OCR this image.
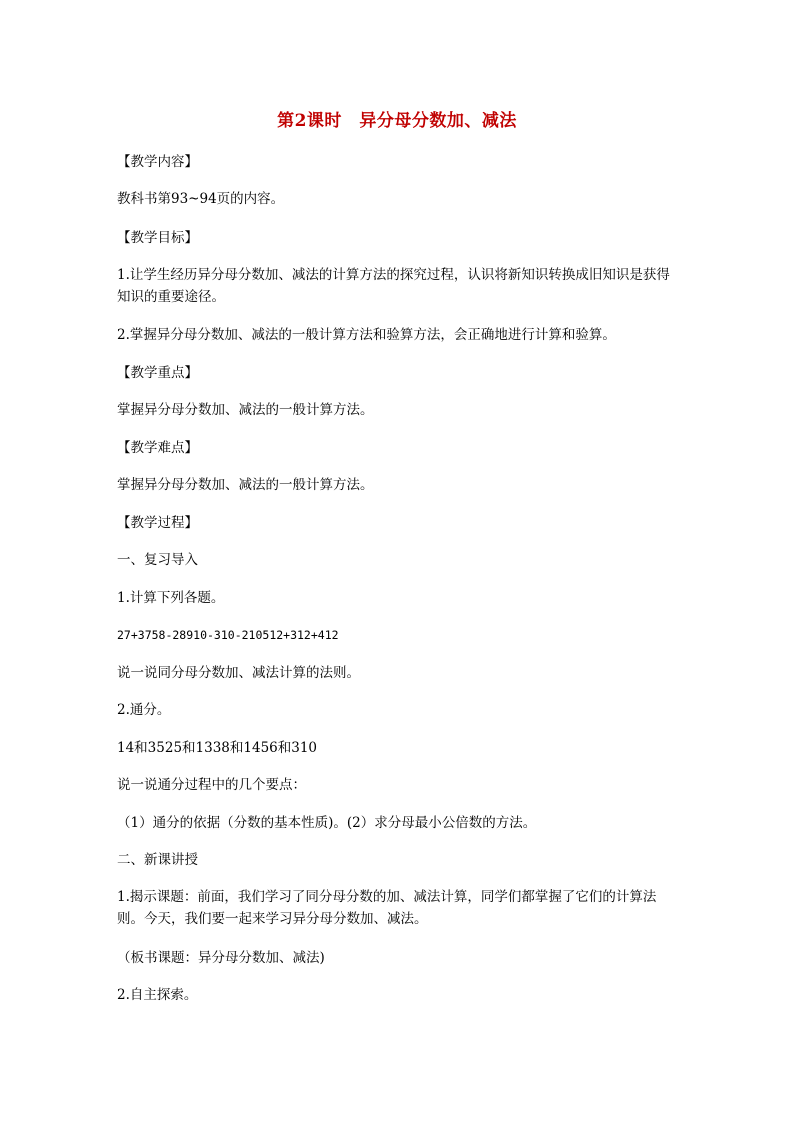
第2课时　异分母分数加、减法
【教学内容】
教科书第93~94页的内容。
【教学目标】
1.让学生经历异分母分数加、减法的计算方法的探究过程，认识将新知识转换成旧知识是获得知识的重要途径。
2.掌握异分母分数加、减法的一般计算方法和验算方法，会正确地进行计算和验算。
【教学重点】
掌握异分母分数加、减法的一般计算方法。
【教学难点】
掌握异分母分数加、减法的一般计算方法。
【教学过程】
一、复习导入
1.计算下列各题。
27+3758-28910-310-210512+312+412
说一说同分母分数加、减法计算的法则。
2.通分。
14和3525和1338和1456和310
说一说通分过程中的几个要点：
（1）通分的依据（分数的基本性质)。(2）求分母最小公倍数的方法。
二、新课讲授
1.揭示课题：前面，我们学习了同分母分数的加、减法计算，同学们都掌握了它们的计算法则。今天，我们要一起来学习异分母分数加、减法。
（板书课题：异分母分数加、减法)
2.自主探索。
